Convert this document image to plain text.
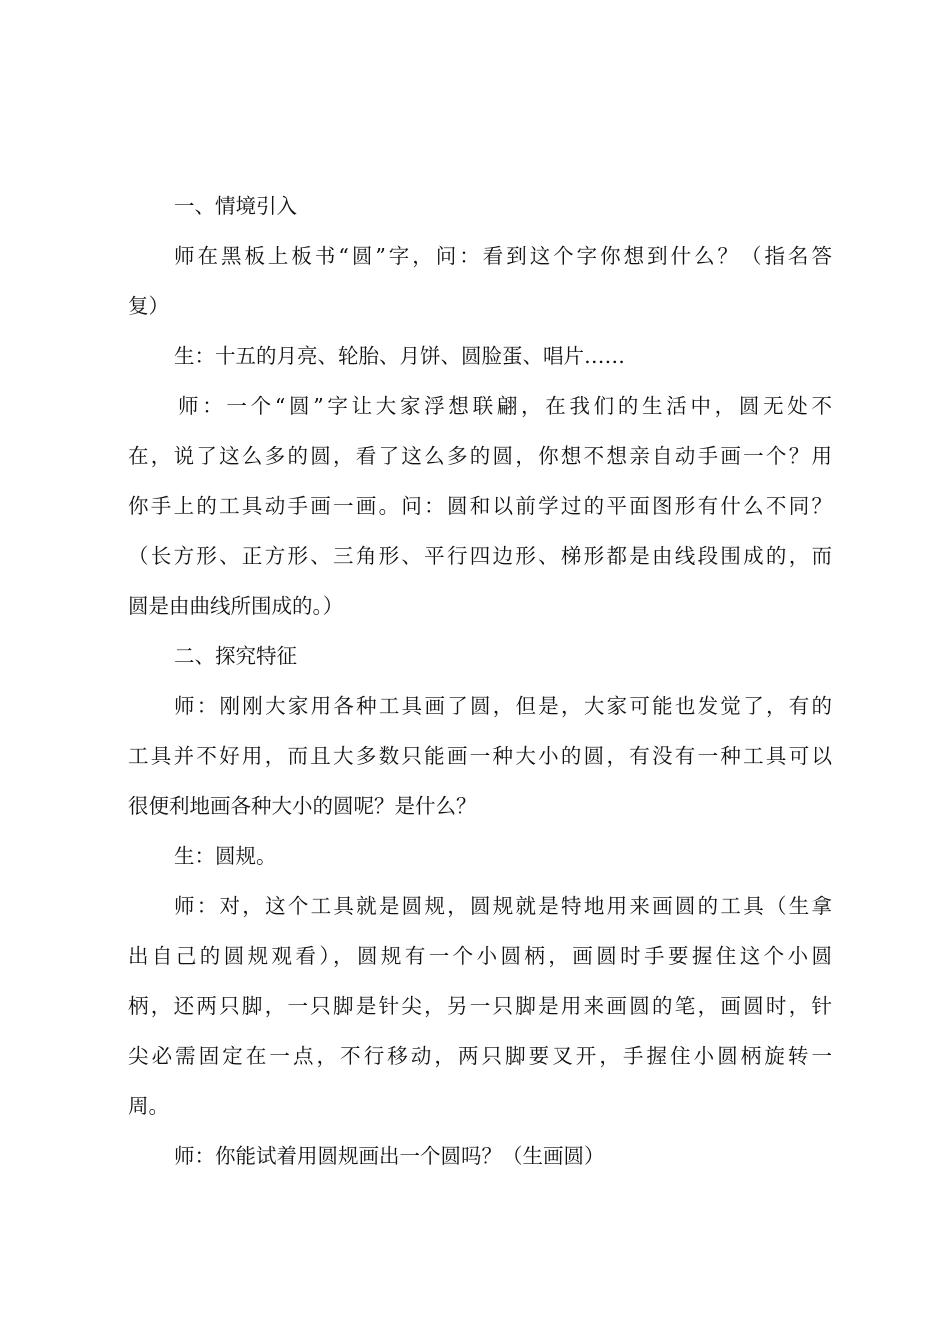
一、情境引入
师在黑板上板书“圆”字，问：看到这个字你想到什么？（指名答
复）
生：十五的月亮、轮胎、月饼、圆脸蛋、唱片……
师：一个“圆”字让大家浮想联翩，在我们的生活中，圆无处不
在，说了这么多的圆，看了这么多的圆，你想不想亲自动手画一个？用
你手上的工具动手画一画。问：圆和以前学过的平面图形有什么不同？
（长方形、正方形、三角形、平行四边形、梯形都是由线段围成的，而
圆是由曲线所围成的。）
二、探究特征
师：刚刚大家用各种工具画了圆，但是，大家可能也发觉了，有的
工具并不好用，而且大多数只能画一种大小的圆，有没有一种工具可以
很便利地画各种大小的圆呢？是什么？
生：圆规。
师：对，这个工具就是圆规，圆规就是特地用来画圆的工具（生拿
出自己的圆规观看），圆规有一个小圆柄，画圆时手要握住这个小圆
柄，还两只脚，一只脚是针尖，另一只脚是用来画圆的笔，画圆时，针
尖必需固定在一点，不行移动，两只脚要叉开，手握住小圆柄旋转一
周。
师：你能试着用圆规画出一个圆吗？（生画圆）
